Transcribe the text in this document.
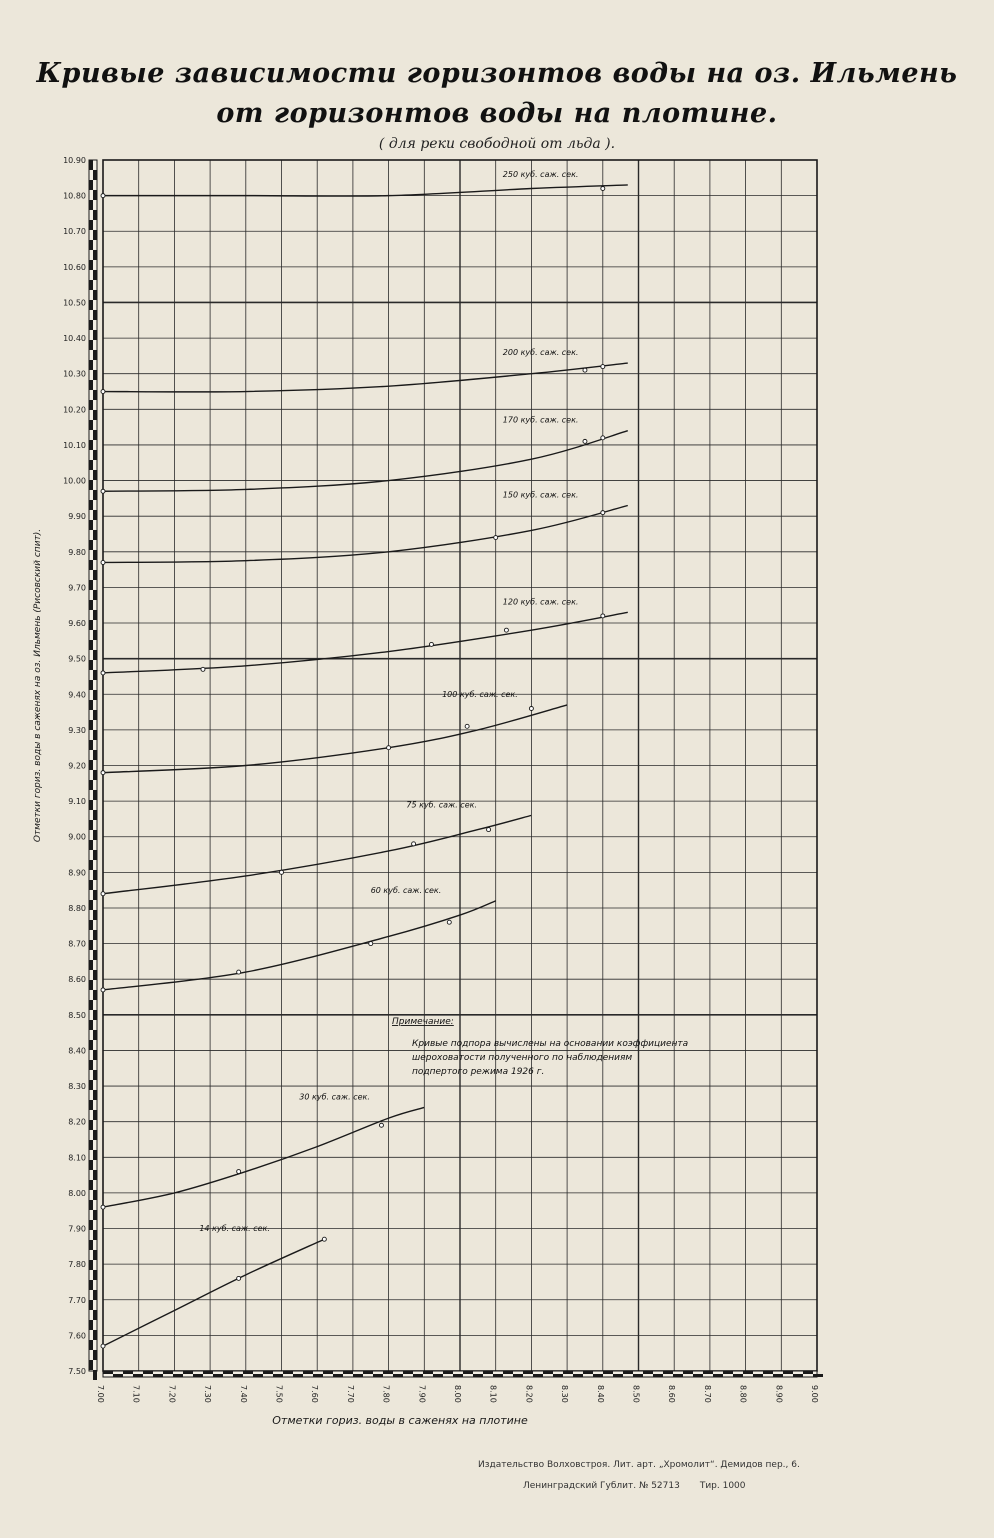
Кривые зависимости горизонтов воды на оз. Ильмень
от горизонтов воды на плотине.
( для реки свободной от льда ).
7.00	7.10	7.20	7.30	7.40	7.50	7.60	7.70	7.80	7.90	8.00	8.10	8.20	8.30	8.40	8.50	8.60	8.70	8.80	8.90	9.00
7.50
7.60
7.70
7.80
7.90
8.00
8.10
8.20
8.30
8.40
8.50
8.60
8.70
8.80
8.90
9.00
9.10
9.20
9.30
9.40
9.50
9.60
9.70
9.80
9.90
10.00
10.10
10.20
10.30
10.40
10.50
10.60
10.70
10.80
10.90
Отметки гориз. воды в саженях на плотине
Отметки гориз. воды в саженях на оз. Ильмень (Рисовский спит).
250 куб. саж. сек.
200 куб. саж. сек.
170 куб. саж. сек.
150 куб. саж. сек.
120 куб. саж. сек.
100 куб. саж. сек.
75 куб. саж. сек.
60 куб. саж. сек.
30 куб. саж. сек.
14 куб. саж. сек.
Примечание:
Кривые подпора вычислены на основании коэффициента
шероховатости полученного по наблюдениям
подпертого режима 1926 г.
Издательство Волховстроя. Лит. арт. „Хромолит“. Демидов пер., 6.
Ленинградский Гублит. № 52713 Тир. 1000
